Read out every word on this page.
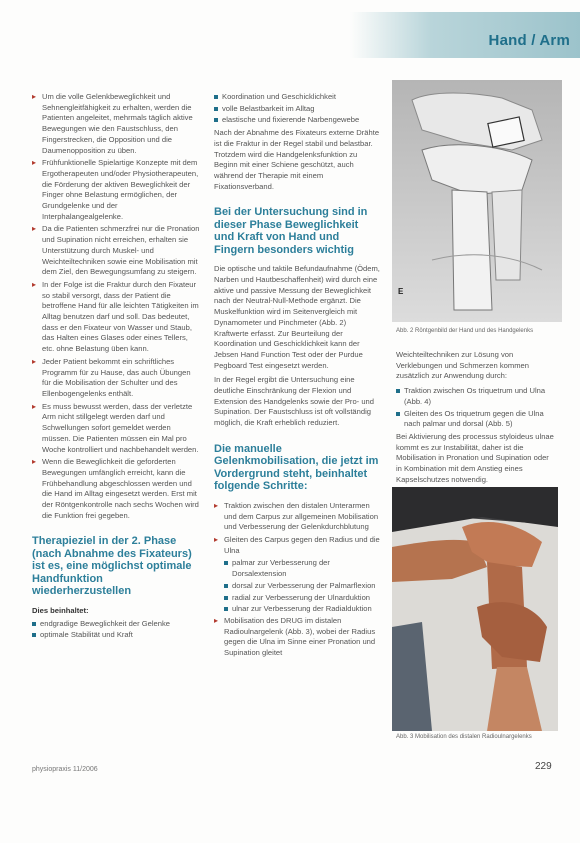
Hand / Arm
▸ Um die volle Gelenkbeweglichkeit und Sehnengleitfähigkeit zu erhalten, werden die Patienten angeleitet, mehrmals täglich aktive Bewegungen wie den Faustschluss, den Fingerstrecken, die Opposition und die Daumenopposition zu üben.
▸ Frühfunktionelle Spielartige Konzepte mit dem Ergotherapeuten und/oder Physiotherapeuten, die Förderung der aktiven Beweglichkeit der Finger ohne Belastung ermöglichen, der Grundgelenke und der Interphalangealgelenke.
▸ Da die Patienten schmerzfrei nur die Pronation und Supination nicht erreichen, erhalten sie Unterstützung durch Muskel- und Weichteiltechniken sowie eine Mobilisation mit dem Ziel, den Bewegungsumfang zu steigern.
▸ In der Folge ist die Fraktur durch den Fixateur so stabil versorgt, dass der Patient die betroffene Hand für alle leichten Tätigkeiten im Alltag benutzen darf und soll. Das bedeutet, dass er den Fixateur von Wasser und Staub, das Halten eines Glases oder eines Tellers, etc. ohne Belastung üben kann.
▸ Jeder Patient bekommt ein schriftliches Programm für zu Hause, das auch Übungen für die Mobilisation der Schulter und des Ellenbogengelenks enthält.
▸ Es muss bewusst werden, dass der verletzte Arm nicht stillgelegt werden darf und Schwellungen sofort gemeldet werden müssen. Die Patienten müssen ein Mal pro Woche kontrolliert und nachbehandelt werden.
▸ Wenn die Beweglichkeit die geforderten Bewegungen umfänglich erreicht, kann die Frühbehandlung abgeschlossen werden und die Hand im Alltag eingesetzt werden. Erst mit der Röntgenkontrolle nach sechs Wochen wird die Funktion frei gegeben.
Therapieziel in der 2. Phase (nach Abnahme des Fixateurs) ist es, eine möglichst optimale Handfunktion wiederherzustellen
Dies beinhaltet:
endgradige Beweglichkeit der Gelenke
optimale Stabilität und Kraft
Koordination und Geschicklichkeit
volle Belastbarkeit im Alltag
elastische und fixierende Narbengewebe

Nach der Abnahme des Fixateurs externe Drähte ist die Fraktur in der Regel stabil und belastbar. Trotzdem wird die Handgelenksfunktion zu Beginn mit einer Schiene geschützt, auch während der Therapie mit einem Fixationsverband.

Bei der Untersuchung sind in dieser Phase Beweglichkeit und Kraft von Hand und Fingern besonders wichtig

Die optische und taktile Befundaufnahme (Ödem, Narben und Hautbeschaffenheit) wird durch eine aktive und passive Messung der Beweglichkeit nach der Neutral-Null-Methode ergänzt. Die Muskelfunktion wird im Seitenvergleich mit Dynamometer und Pinchmeter (Abb. 2) Kraftwerte erfasst. Zur Beurteilung der Koordination und Geschicklichkeit kann der Jebsen Hand Function Test oder der Purdue Pegboard Test eingesetzt werden.

In der Regel ergibt die Untersuchung eine deutliche Einschränkung der Flexion und Extension des Handgelenks sowie der Pro- und Supination. Der Faustschluss ist oft vollständig möglich, die Kraft erheblich reduziert.

Die manuelle Gelenkmobilisation, die jetzt im Vordergrund steht, beinhaltet folgende Schritte:
▸ Traktion zwischen den distalen Unterarmen und dem Carpus zur allgemeinen Mobilisation und Verbesserung der Gelenkdurchblutung
▸ Gleiten des Carpus gegen den Radius und die Ulna
palmar zur Verbesserung der Dorsalextension
dorsal zur Verbesserung der Palmarflexion
radial zur Verbesserung der Ulnarduktion
ulnar zur Verbesserung der Radialduktion
▸ Mobilisation des DRUG im distalen Radioulnargelenk (Abb. 3), wobei der Radius gegen die Ulna im Sinne einer Pronation und Supination gleitet
E
Abb. 2 Röntgenbild der Hand und des Handgelenks

Weichteiltechniken zur Lösung von Verklebungen und Schmerzen kommen zusätzlich zur Anwendung durch:

Traktion zwischen Os triquetrum und Ulna (Abb. 4)
Gleiten des Os triquetrum gegen die Ulna nach palmar und dorsal (Abb. 5)

Bei Aktivierung des processus styloideus ulnae kommt es zur Instabilität, daher ist die Mobilisation in Pronation und Supination oder in Kombination mit dem Anstieg eines Kapselschutzes notwendig.

Abb. 3 Mobilisation des distalen Radioulnargelenks
physiopraxis 11/2006	229
